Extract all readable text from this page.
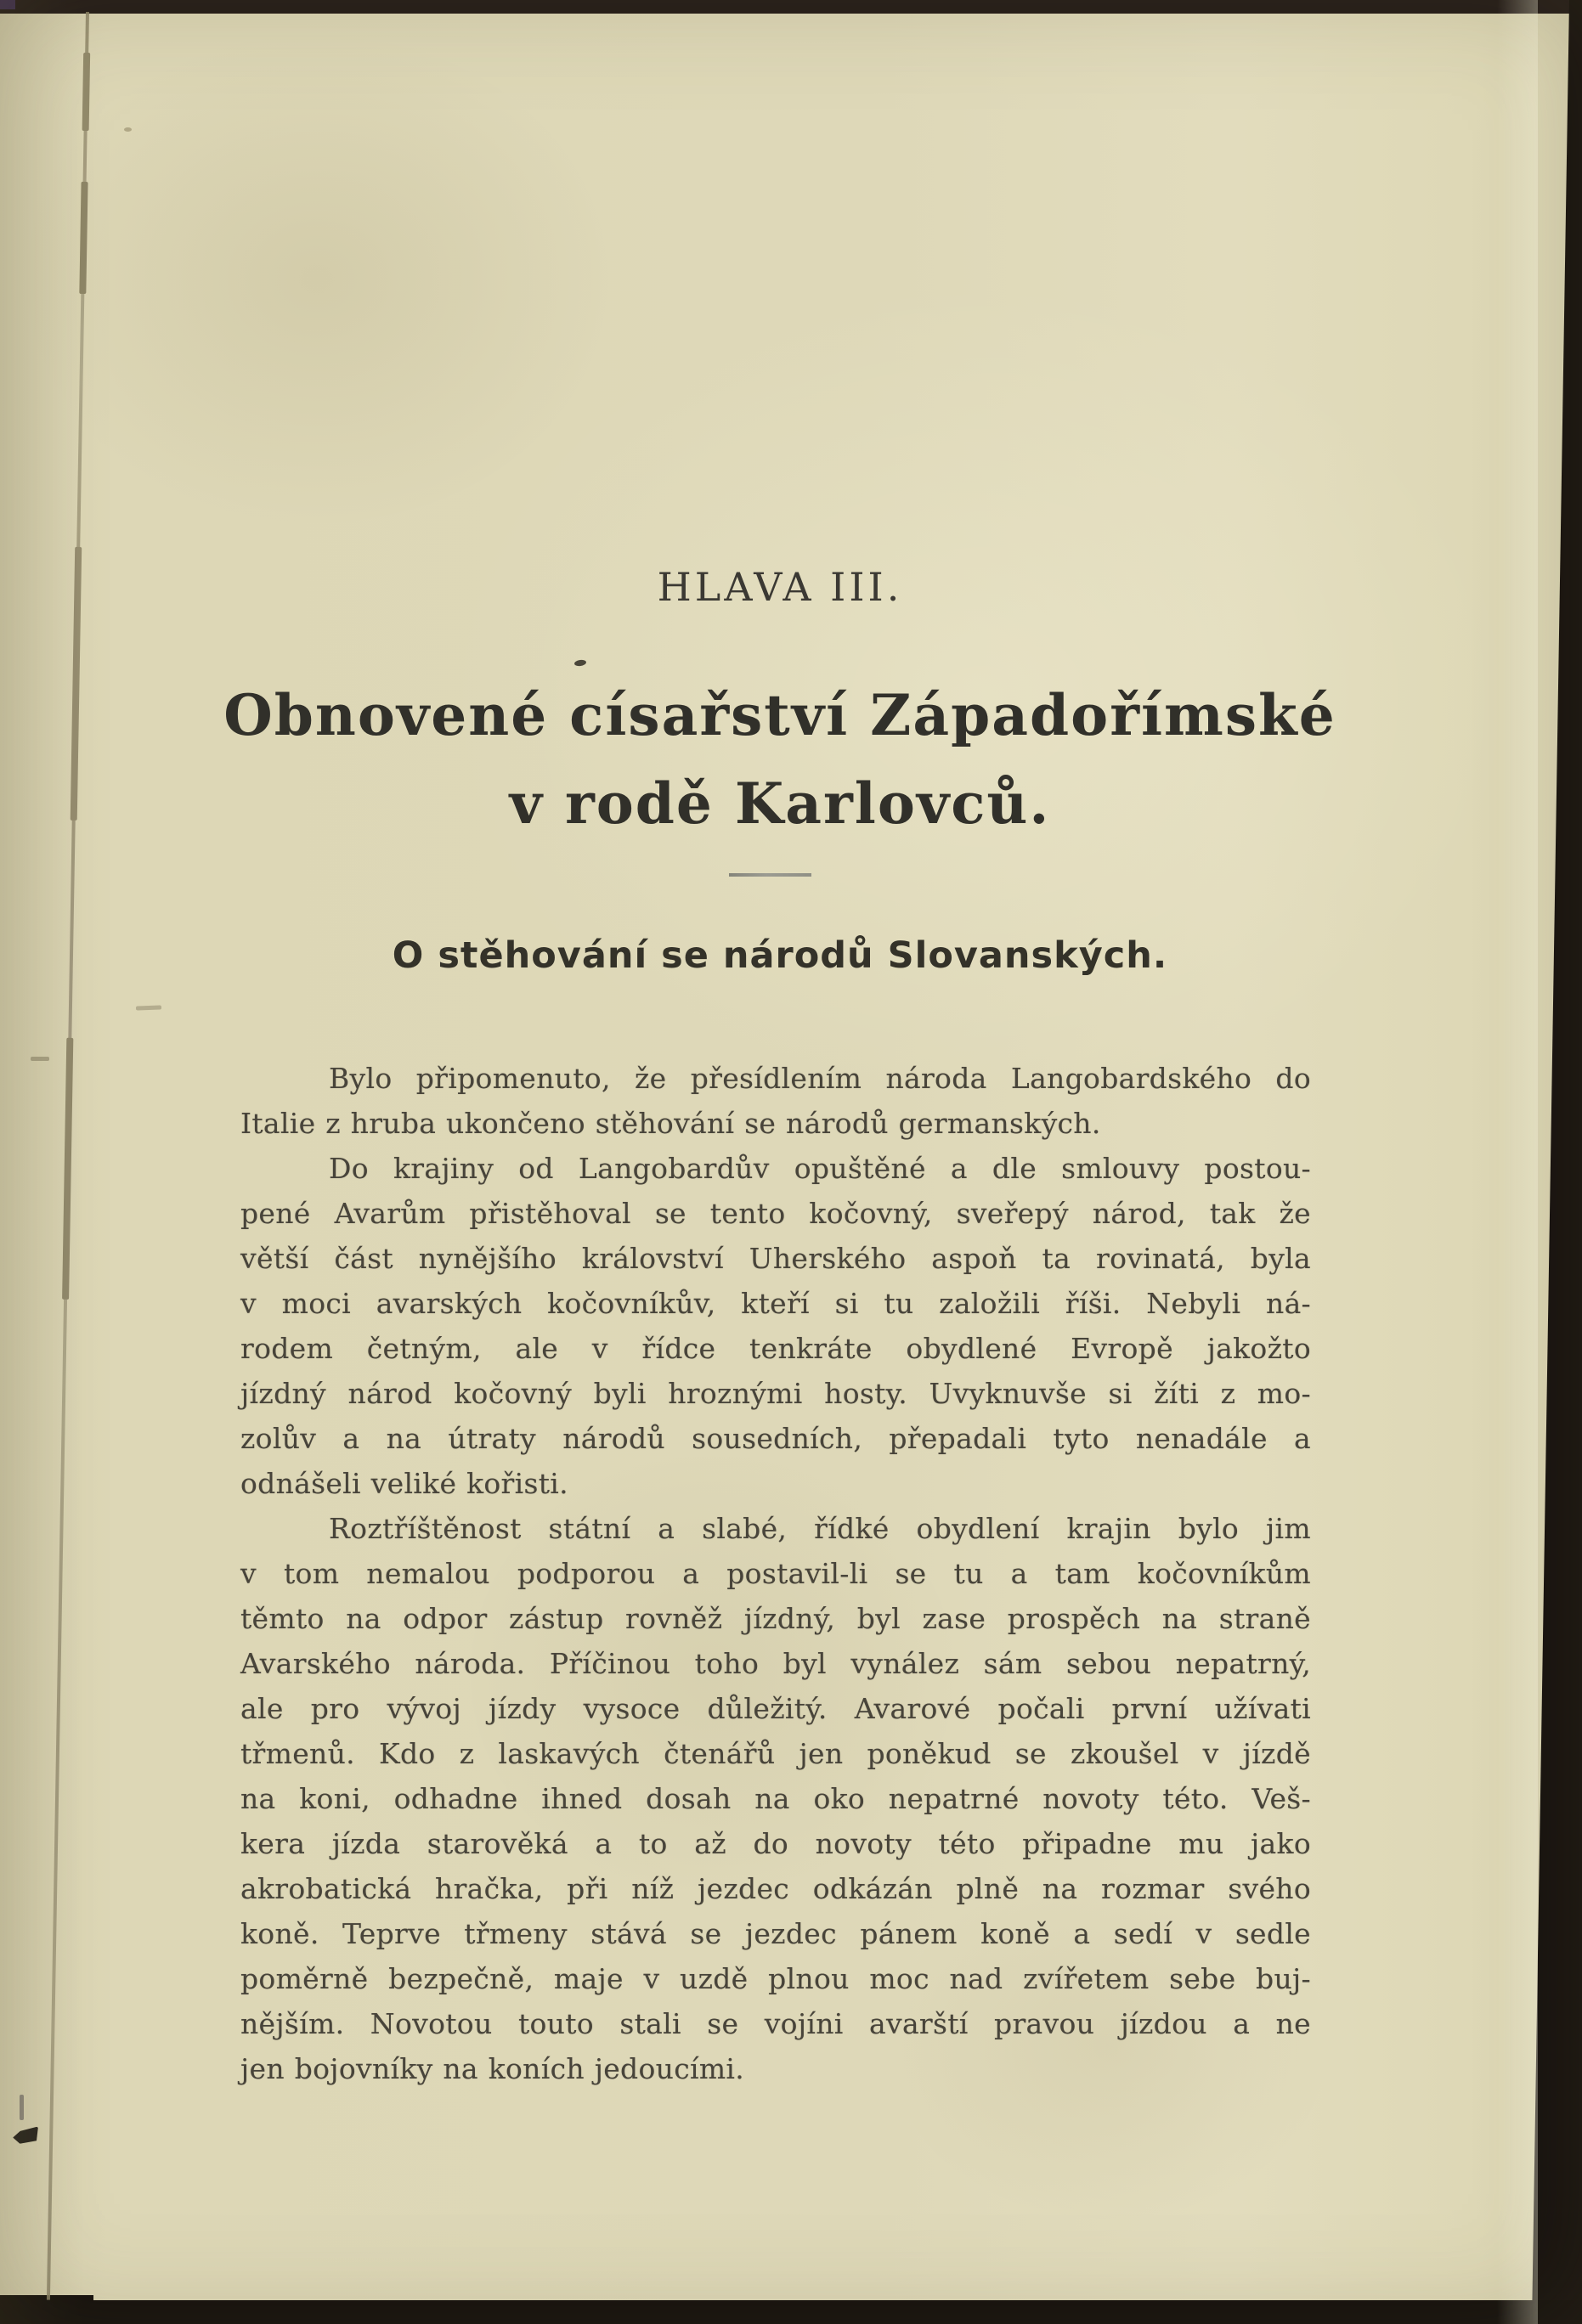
HLAVA III.
Obnovené císařství Západořímské
v rodě Karlovců.
O stěhování se národů Slovanských.
Bylo připomenuto, že přesídlením národa Langobardského do
Italie z hruba ukončeno stěhování se národů germanských.
Do krajiny od Langobardův opuštěné a dle smlouvy postou-
pené Avarům přistěhoval se tento kočovný, sveřepý národ, tak že
větší část nynějšího království Uherského aspoň ta rovinatá, byla
v moci avarských kočovníkův, kteří si tu založili říši. Nebyli ná-
rodem četným, ale v řídce tenkráte obydlené Evropě jakožto
jízdný národ kočovný byli hroznými hosty. Uvyknuvše si žíti z mo-
zolův a na útraty národů sousedních, přepadali tyto nenadále a
odnášeli veliké kořisti.
Roztříštěnost státní a slabé, řídké obydlení krajin bylo jim
v tom nemalou podporou a postavil-li se tu a tam kočovníkům
těmto na odpor zástup rovněž jízdný, byl zase prospěch na straně
Avarského národa. Příčinou toho byl vynález sám sebou nepatrný,
ale pro vývoj jízdy vysoce důležitý. Avarové počali první užívati
třmenů. Kdo z laskavých čtenářů jen poněkud se zkoušel v jízdě
na koni, odhadne ihned dosah na oko nepatrné novoty této. Veš-
kera jízda starověká a to až do novoty této připadne mu jako
akrobatická hračka, při níž jezdec odkázán plně na rozmar svého
koně. Teprve třmeny stává se jezdec pánem koně a sedí v sedle
poměrně bezpečně, maje v uzdě plnou moc nad zvířetem sebe buj-
nějším. Novotou touto stali se vojíni avarští pravou jízdou a ne
jen bojovníky na koních jedoucími.
